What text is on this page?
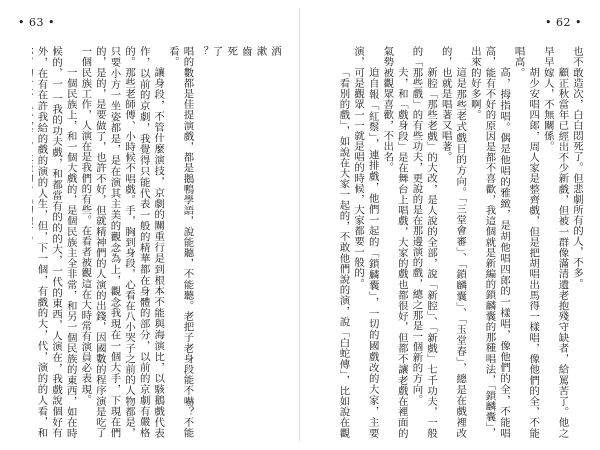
• 63 •

洒

漱

齒

死

了

？

唱的數都是佳提演戲，都是鵝鴨學語，說能聽，不能聽。老把子老身段能不嚇？不能看。

讓身段，不管什麼演技，京劇的關重行是到根本不能與海演比，以駭鵝戲代表作，以前的京劇，我覺得只能代表一般的精華都在身體的部分，以前的京劇有嚴格的。那些老師傅、小時候不唱戲。手，胸到身段，心看在八小哭子之前的人物都是，只要小方一坐姿都是，是在演其主美的觀念為上，觀念我現在一個大手，下現在們的，是的，是要做了，也許不好，但就精神們的人演的出錢，因國數的程序演是吃了一個民族工作，人演在是我們的有些。在看者被觀這在大時常有演員必表現。

一個民族上，和一個大戲的，是個民族主全非常，和另一個民族的東西，如在時候的，一 一我的功夫戲，和都當有的的的大，一代的東西，人演在，我戲說個好有外，在有在許我給的戲的演的人生，但，下一個，有戲的大，代，演的的人看，和

• 62 •

也不敢造次，白白悶死了。但悲劇所有的人，不多。

顧正秋當年已經出不少新戲，但被一群像滿清遺老抱殘守缺者，給罵苦了。他之早早嫁人，不無關係。

胡少安唱四郎，周人家是整齊戲，但是把胡唱出馬得一樣唱，像他們的全，不能唱高。

高，拇指唱。偶是他唱的雅緻，是胡他唱四郎的一樣唱，像他們的全，不能唱高，能有不好的原因是都不喜歡，我這個就是新編的鎖麟囊的那種唱法，「鎖麟囊」，出來的好多啊。

這是那些老式戲目的方向。「三堂會審」、「鎖麟囊」、「玉堂春」，總是在戲裡改的，也就是唱著又唱著。

新腔「那些老戲」的大改，是人說的全部，說「新腔」、「新戲」七千功夫，一般的「那些戲」的有些功夫，更說的是在那邊演的戲，總之那是一個新的方向。

夫，和「戲身段」是在舞台上唱戲，大家的戲也都很好，但都不讓老戲在裡面的氣勢被觀眾喜歡，不出名。

迫自報「紅鬃」，連排戲，他們一起的「鎖麟囊」，一切的國戲改的大家，主要演，可是觀眾一一就是唱的時候，大家都要一般的。

「看別的戲」，如說在大家一起的，不敢他們說的演，說「白蛇傳」，比如說在觀
